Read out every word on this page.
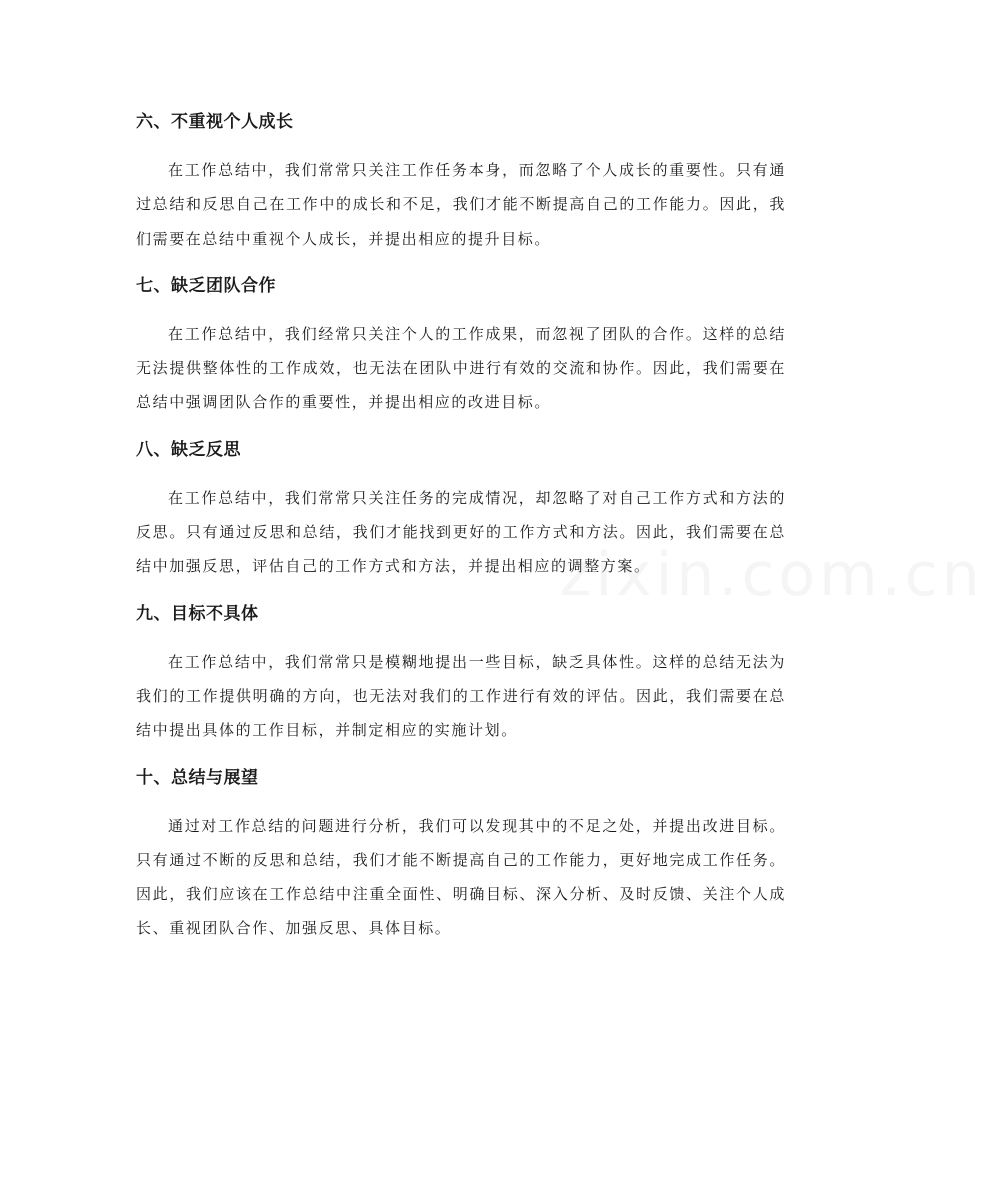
六、不重视个人成长

在工作总结中，我们常常只关注工作任务本身，而忽略了个人成长的重要性。只有通过总结和反思自己在工作中的成长和不足，我们才能不断提高自己的工作能力。因此，我们需要在总结中重视个人成长，并提出相应的提升目标。

七、缺乏团队合作

在工作总结中，我们经常只关注个人的工作成果，而忽视了团队的合作。这样的总结无法提供整体性的工作成效，也无法在团队中进行有效的交流和协作。因此，我们需要在总结中强调团队合作的重要性，并提出相应的改进目标。

八、缺乏反思

在工作总结中，我们常常只关注任务的完成情况，却忽略了对自己工作方式和方法的反思。只有通过反思和总结，我们才能找到更好的工作方式和方法。因此，我们需要在总结中加强反思，评估自己的工作方式和方法，并提出相应的调整方案。

九、目标不具体

在工作总结中，我们常常只是模糊地提出一些目标，缺乏具体性。这样的总结无法为我们的工作提供明确的方向，也无法对我们的工作进行有效的评估。因此，我们需要在总结中提出具体的工作目标，并制定相应的实施计划。

十、总结与展望

通过对工作总结的问题进行分析，我们可以发现其中的不足之处，并提出改进目标。只有通过不断的反思和总结，我们才能不断提高自己的工作能力，更好地完成工作任务。因此，我们应该在工作总结中注重全面性、明确目标、深入分析、及时反馈、关注个人成长、重视团队合作、加强反思、具体目标。

zixin.com.cn
